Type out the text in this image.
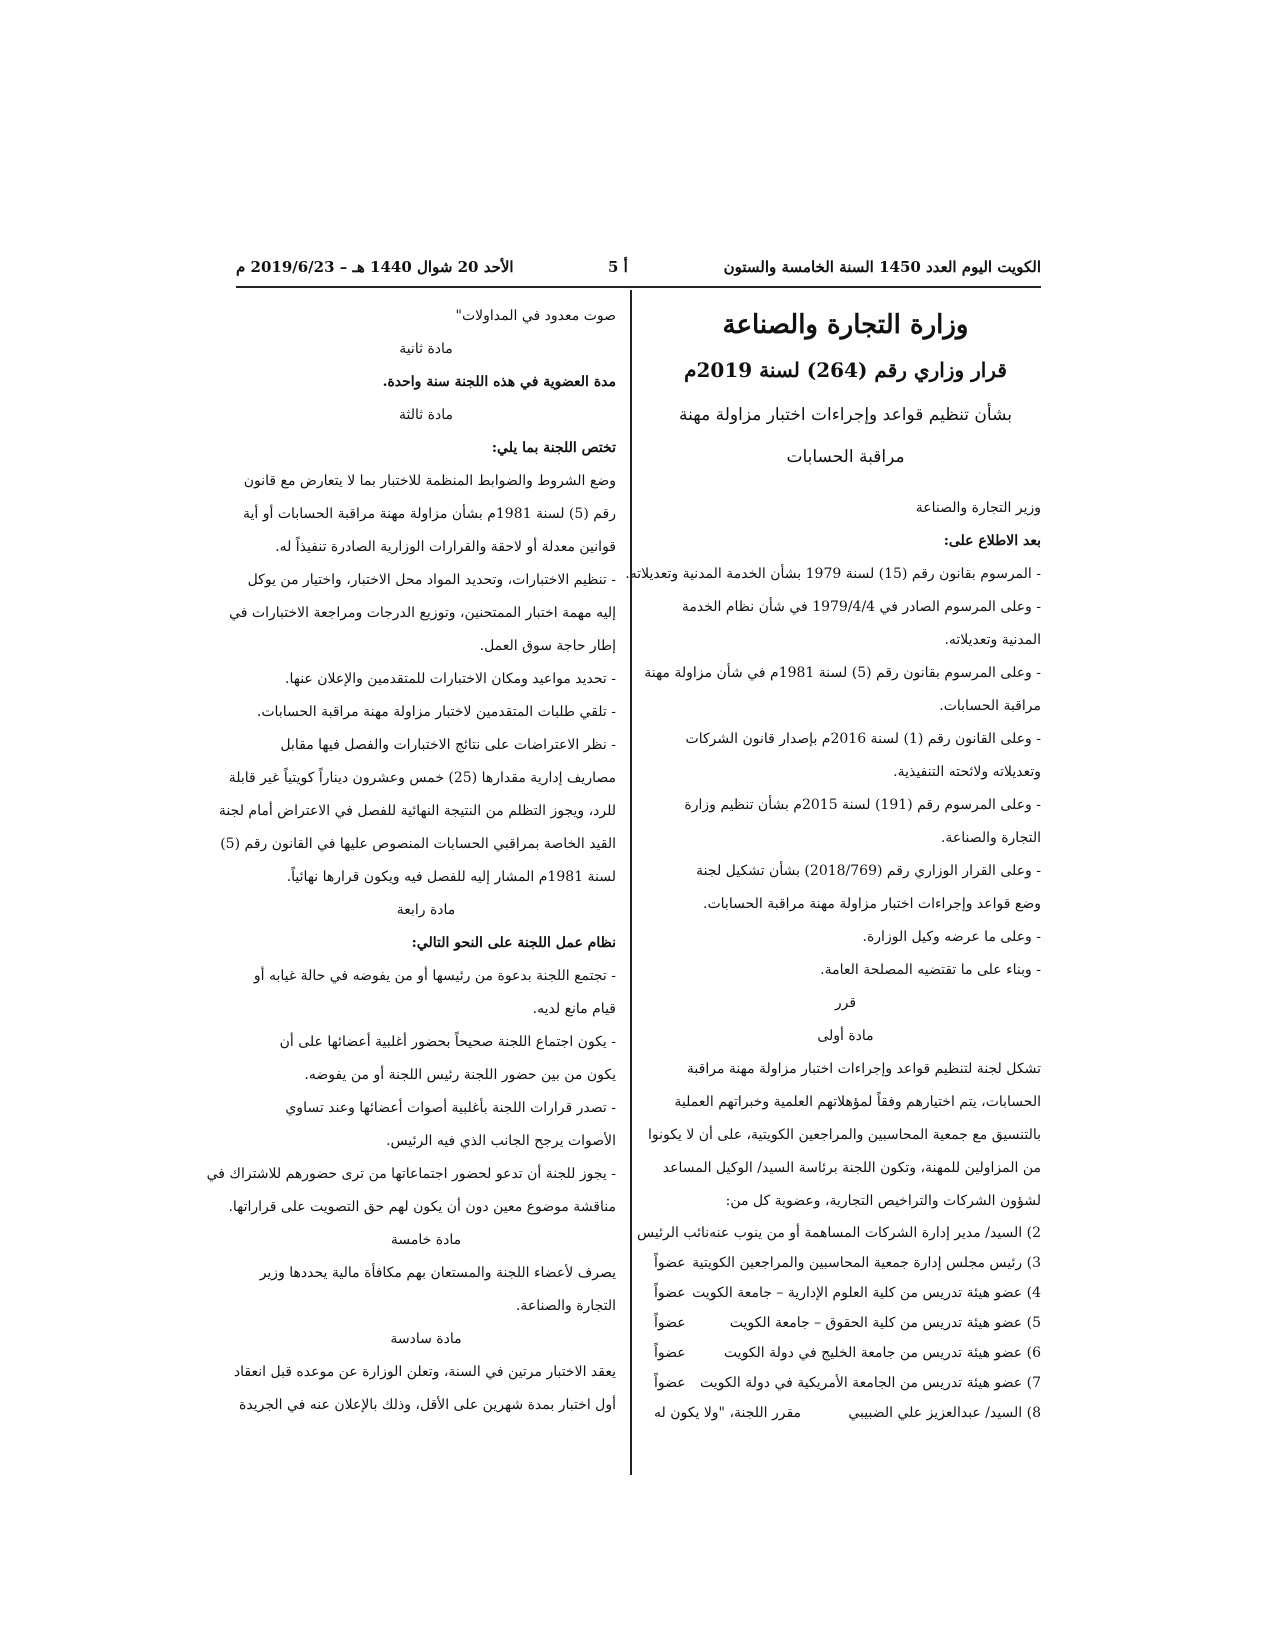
الكويت اليوم العدد 1450 السنة الخامسة والستون
أ 5
الأحد 20 شوال 1440 هـ – 2019/6/23 م
وزارة التجارة والصناعة
قرار وزاري رقم (264) لسنة 2019م
بشأن تنظيم قواعد وإجراءات اختبار مزاولة مهنة
مراقبة الحسابات
وزير التجارة والصناعة
بعد الاطلاع على:
- المرسوم بقانون رقم (15) لسنة 1979 بشأن الخدمة المدنية وتعديلاته.
- وعلى المرسوم الصادر في 1979/4/4 في شأن نظام الخدمة
المدنية وتعديلاته.
- وعلى المرسوم بقانون رقم (5) لسنة 1981م في شأن مزاولة مهنة
مراقبة الحسابات.
- وعلى القانون رقم (1) لسنة 2016م بإصدار قانون الشركات
وتعديلاته ولائحته التنفيذية.
- وعلى المرسوم رقم (191) لسنة 2015م بشأن تنظيم وزارة
التجارة والصناعة.
- وعلى القرار الوزاري رقم (2018/769) بشأن تشكيل لجنة
وضع قواعد وإجراءات اختبار مزاولة مهنة مراقبة الحسابات.
- وعلى ما عرضه وكيل الوزارة.
- وبناء على ما تقتضيه المصلحة العامة.
قرر
مادة أولى
تشكل لجنة لتنظيم قواعد وإجراءات اختبار مزاولة مهنة مراقبة
الحسابات، يتم اختيارهم وفقاً لمؤهلاتهم العلمية وخبراتهم العملية
بالتنسيق مع جمعية المحاسبين والمراجعين الكويتية، على أن لا يكونوا
من المزاولين للمهنة، وتكون اللجنة برئاسة السيد/ الوكيل المساعد
لشؤون الشركات والتراخيص التجارية، وعضوية كل من:
2) السيد/ مدير إدارة الشركات المساهمة أو من ينوب عنه
نائب الرئيس
3) رئيس مجلس إدارة جمعية المحاسبين والمراجعين الكويتية
عضواً
4) عضو هيئة تدريس من كلية العلوم الإدارية – جامعة الكويت
عضواً
5) عضو هيئة تدريس من كلية الحقوق – جامعة الكويت
عضواً
6) عضو هيئة تدريس من جامعة الخليج في دولة الكويت
عضواً
7) عضو هيئة تدريس من الجامعة الأمريكية في دولة الكويت
عضواً
8) السيد/ عبدالعزيز علي الضبيبي
مقرر اللجنة، "ولا يكون له
صوت معدود في المداولات"
مادة ثانية
مدة العضوية في هذه اللجنة سنة واحدة.
مادة ثالثة
تختص اللجنة بما يلي:
وضع الشروط والضوابط المنظمة للاختبار بما لا يتعارض مع قانون
رقم (5) لسنة 1981م بشأن مزاولة مهنة مراقبة الحسابات أو أية
قوانين معدلة أو لاحقة والقرارات الوزارية الصادرة تنفيذاً له.
- تنظيم الاختبارات، وتحديد المواد محل الاختبار، واختيار من يوكل
إليه مهمة اختبار الممتحنين، وتوزيع الدرجات ومراجعة الاختبارات في
إطار حاجة سوق العمل.
- تحديد مواعيد ومكان الاختبارات للمتقدمين والإعلان عنها.
- تلقي طلبات المتقدمين لاختبار مزاولة مهنة مراقبة الحسابات.
- نظر الاعتراضات على نتائج الاختبارات والفصل فيها مقابل
مصاريف إدارية مقدارها (25) خمس وعشرون ديناراً كويتياً غير قابلة
للرد، ويجوز التظلم من النتيجة النهائية للفصل في الاعتراض أمام لجنة
القيد الخاصة بمراقبي الحسابات المنصوص عليها في القانون رقم (5)
لسنة 1981م المشار إليه للفصل فيه ويكون قرارها نهائياً.
مادة رابعة
نظام عمل اللجنة على النحو التالي:
- تجتمع اللجنة بدعوة من رئيسها أو من يفوضه في حالة غيابه أو
قيام مانع لديه.
- يكون اجتماع اللجنة صحيحاً بحضور أغلبية أعضائها على أن
يكون من بين حضور اللجنة رئيس اللجنة أو من يفوضه.
- تصدر قرارات اللجنة بأغلبية أصوات أعضائها وعند تساوي
الأصوات يرجح الجانب الذي فيه الرئيس.
- يجوز للجنة أن تدعو لحضور اجتماعاتها من ترى حضورهم للاشتراك في
مناقشة موضوع معين دون أن يكون لهم حق التصويت على قراراتها.
مادة خامسة
يصرف لأعضاء اللجنة والمستعان بهم مكافأة مالية يحددها وزير
التجارة والصناعة.
مادة سادسة
يعقد الاختبار مرتين في السنة، وتعلن الوزارة عن موعده قبل انعقاد
أول اختبار بمدة شهرين على الأقل، وذلك بالإعلان عنه في الجريدة
